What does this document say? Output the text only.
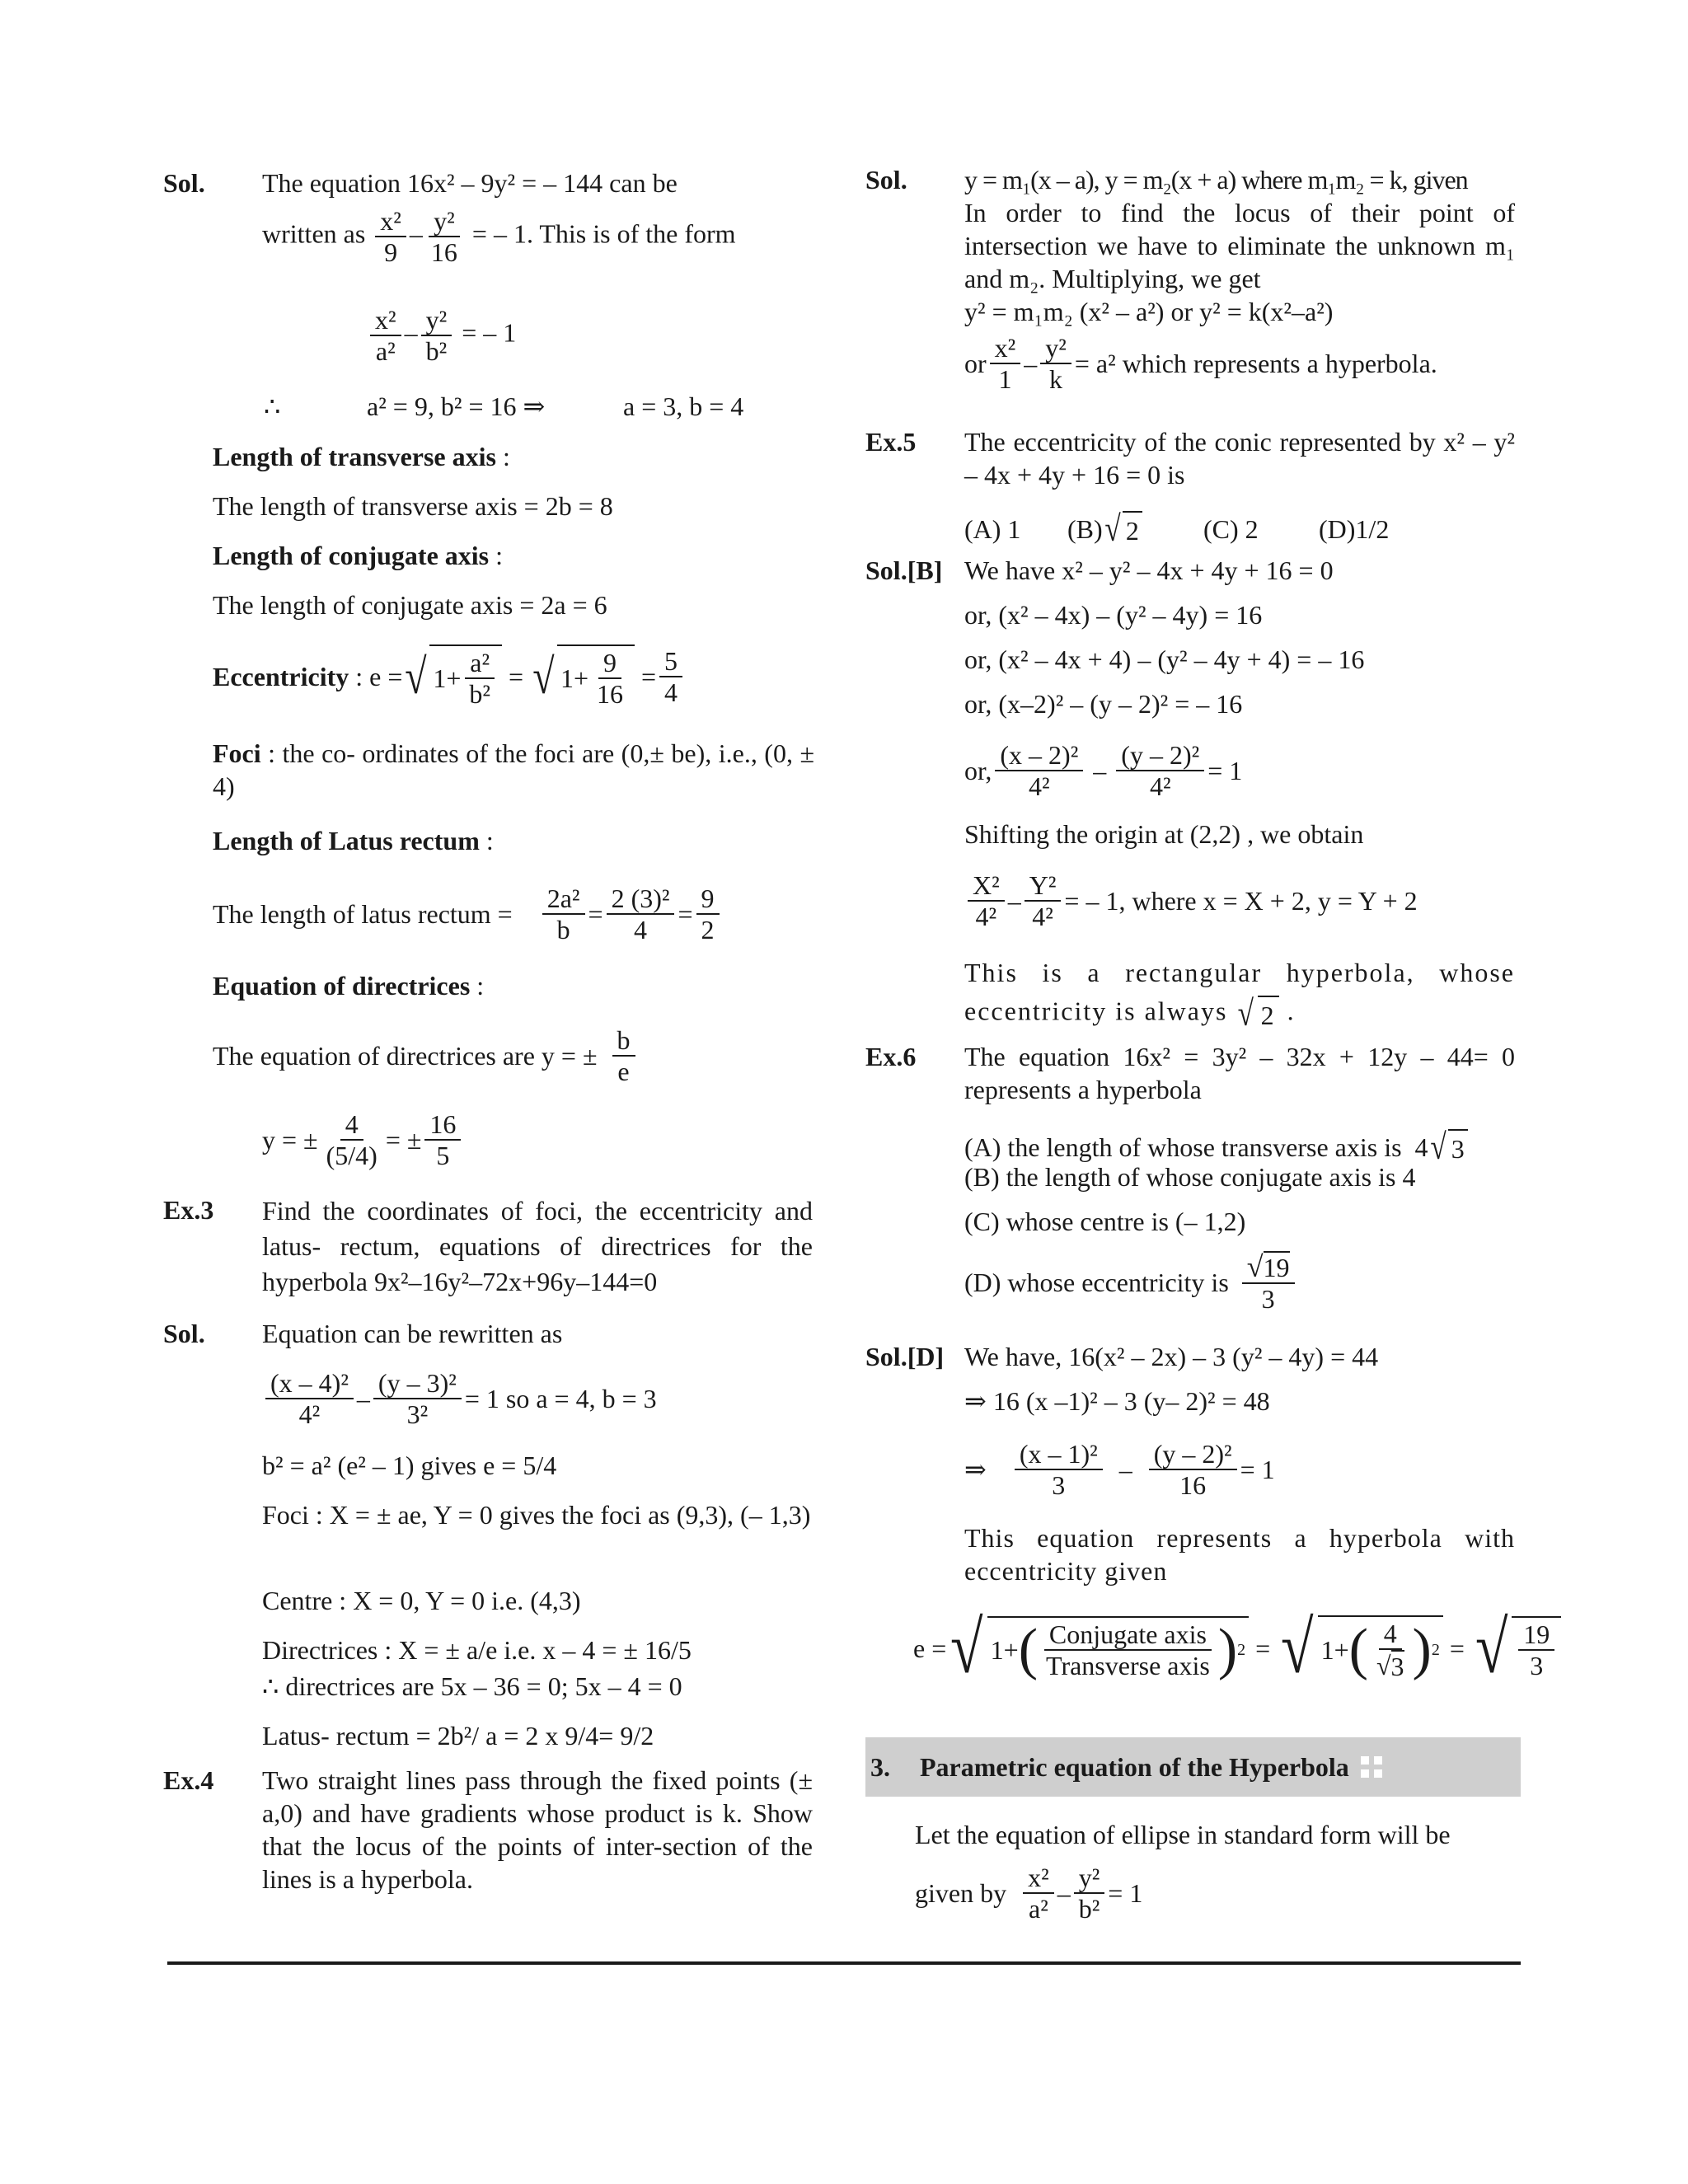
Sol. The equation 16x² – 9y² = – 144 can be
written as $\frac{\text{x²}}{9} - \frac{\text{y²}}{16}$ = – 1. This is of the form
$\frac{\text{x²}}{\text{a²}} - \frac{\text{y²}}{\text{b²}}$ = – 1
∴	a² = 9, b² = 16 ⇒	a = 3, b = 4
Length of transverse axis :
The length of transverse axis = 2b = 8
Length of conjugate axis :
The length of conjugate axis = 2a = 6
Eccentricity
: e = √ $1+ \frac{\text{a²}}{\text{b²}}$ = √ $1+ \frac{9}{16} = \frac{5}{4}$
Foci : the co- ordinates of the foci are (0,± be), i.e., (0, ± 4)
Length of Latus rectum :
The length of latus rectum =
$\frac{\text{2a²}}{b} = \frac{\text{2 (3)²}}{4} = \frac{9}{2}$
Equation of directrices :
The equation of directrices are y = ± $\frac{b}{e}$
y = ± $\frac{4}{(5/4)}$ = ± $\frac{16}{5}$
Ex.3 Find the coordinates of foci, the eccentricity and latus- rectum, equations of directrices for the hyperbola 9x²–16y²–72x+96y–144=0
Sol. Equation can be rewritten as
$\frac{\text{(x – 4)²}}{\text{4²}} - \frac{\text{(y – 3)²}}{\text{3²}} = 1$ so a = 4, b = 3
b² = a² (e² – 1) gives e = 5/4
Foci : X = ± ae, Y = 0 gives the foci as (9,3), (– 1,3)
Centre : X = 0, Y = 0 i.e. (4,3)
Directrices : X = ± a/e i.e. x – 4 = ± 16/5
∴ directrices are 5x – 36 = 0; 5x – 4 = 0
Latus- rectum = 2b²/ a = 2 x 9/4= 9/2
Ex.4 Two straight lines pass through the fixed points (± a,0) and have gradients whose product is k. Show that the locus of the points of inter-section of the lines is a hyperbola.
Sol. y = m₁(x – a), y = m₂(x + a) where m₁m₂ = k, given
In order to find the locus of their point of intersection we have to eliminate the unknown m₁ and m₂. Multiplying, we get
y² = m₁m₂ (x² – a²) or y² = k(x²–a²)
or $\frac{\text{x²}}{1} - \frac{\text{y²}}{k} = a^2$ which represents a hyperbola.
Ex.5 The eccentricity of the conic represented by x² – y² – 4x + 4y + 16 = 0 is
(A) 1	(B) √ 2 (C) 2	(D)1/2
Sol.[B] We have x² – y² – 4x + 4y + 16 = 0
or, (x² – 4x) – (y² – 4y) = 16
or, (x² – 4x + 4) – (y² – 4y + 4) = – 16
or, (x–2)² – (y – 2)² = – 16
or, $\frac{\text{(x – 2)²}}{\text{4²}} - \frac{\text{(y – 2)²}}{\text{4²}} = 1$
Shifting the origin at (2,2) , we obtain
$\frac{\text{X²}}{\text{4²}} - \frac{\text{Y²}}{\text{4²}}$ = – 1, where x = X + 2, y = Y + 2
This is a rectangular hyperbola, whose eccentricity is always √ 2 .
Ex.6 The equation 16x² = 3y² – 32x + 12y – 44= 0 represents a hyperbola
(A) the length of whose transverse axis is
4 √ 3
(B) the length of whose conjugate axis is 4
(C) whose centre is (– 1,2)
(D) whose eccentricity is $\frac{√ 19}{3}$
Sol.[D] We have, 16(x² – 2x) – 3 (y² – 4y) = 44
⇒ 16 (x –1)² – 3 (y– 2)² = 48
⇒ $\frac{\text{(x – 1)²}}{3} - \frac{\text{(y – 2)²}}{16} = 1$
This equation represents a hyperbola with eccentricity given
e = √ 1+ ( $\frac{\text{Conjugate axis}}{\text{Transverse axis}}$ ) 2 = √ 1+ ( $\frac{4}{√ 3}$ ) 2 = √ $\frac{19}{3}$
3.	Parametric equation of the Hyperbola
Let the equation of ellipse in standard form will be
given by
$\frac{\text{x²}}{\text{a²}} - \frac{\text{y²}}{\text{b²}} = 1$
